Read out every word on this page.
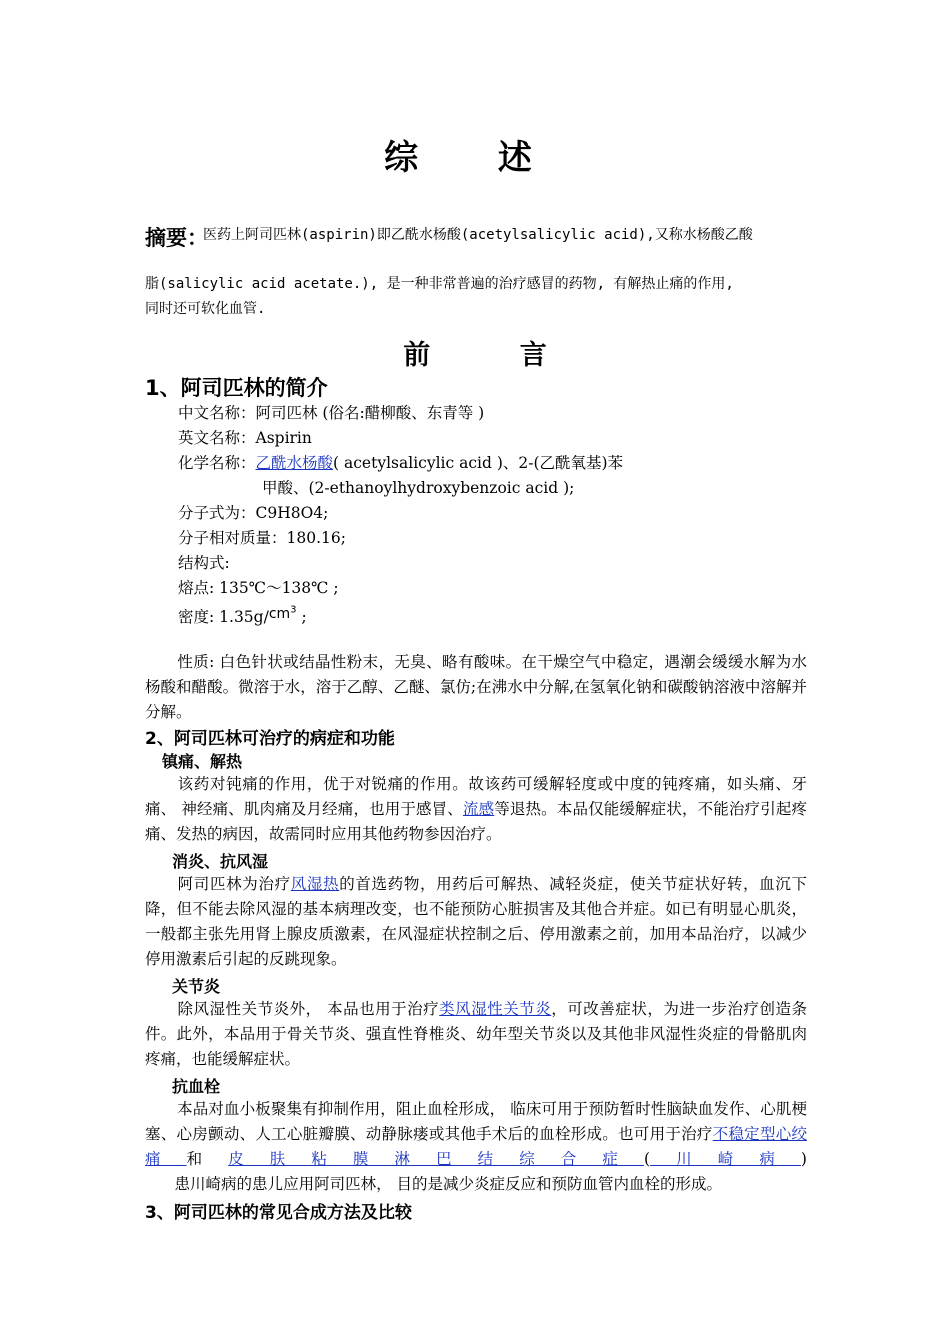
综 述
摘要：
医药上阿司匹林(aspirin)即乙酰水杨酸(acetylsalicylic acid),又称水杨酸乙酸
脂(salicylic acid acetate.), 是一种非常普遍的治疗感冒的药物, 有解热止痛的作用,
同时还可软化血管.
前 言
1、阿司匹林的简介
中文名称：阿司匹林 (俗名:醋柳酸、东青等 )
英文名称：Aspirin
化学名称：乙酰水杨酸( acetylsalicylic acid )、2-(乙酰氧基)苯
甲酸、(2-ethanoylhydroxybenzoic acid );
分子式为：C9H8O4;
分子相对质量：180.16;
结构式:
熔点: 135℃～138℃ ;
密度: $1.35g/cm^3$ ;
性质: 白色针状或结晶性粉末，无臭、略有酸味。在干燥空气中稳定，遇潮会缓缓水解为水杨酸和醋酸。微溶于水，溶于乙醇、乙醚、氯仿;在沸水中分解,在氢氧化钠和碳酸钠溶液中溶解并分解。
2、阿司匹林可治疗的病症和功能
镇痛、解热
该药对钝痛的作用，优于对锐痛的作用。故该药可缓解轻度或中度的钝疼痛，如头痛、牙痛、 神经痛、肌肉痛及月经痛，也用于感冒、流感等退热。本品仅能缓解症状，不能治疗引起疼痛、发热的病因，故需同时应用其他药物参因治疗。
消炎、抗风湿
阿司匹林为治疗风湿热的首选药物，用药后可解热、减轻炎症，使关节症状好转，血沉下降，但不能去除风湿的基本病理改变，也不能预防心脏损害及其他合并症。如已有明显心肌炎，一般都主张先用肾上腺皮质激素，在风湿症状控制之后、停用激素之前，加用本品治疗，以减少停用激素后引起的反跳现象。
关节炎
除风湿性关节炎外， 本品也用于治疗类风湿性关节炎，可改善症状，为进一步治疗创造条件。此外，本品用于骨关节炎、强直性脊椎炎、幼年型关节炎以及其他非风湿性炎症的骨骼肌肉疼痛，也能缓解症状。
抗血栓
本品对血小板聚集有抑制作用，阻止血栓形成， 临床可用于预防暂时性脑缺血发作、心肌梗塞、心房颤动、人工心脏瓣膜、动静脉瘘或其他手术后的血栓形成。也可用于治疗不稳定型心绞痛和皮肤粘膜淋巴结综合症(川崎病)      患川崎病的患儿应用阿司匹林， 目的是减少炎症反应和预防血管内血栓的形成。
3、阿司匹林的常见合成方法及比较
